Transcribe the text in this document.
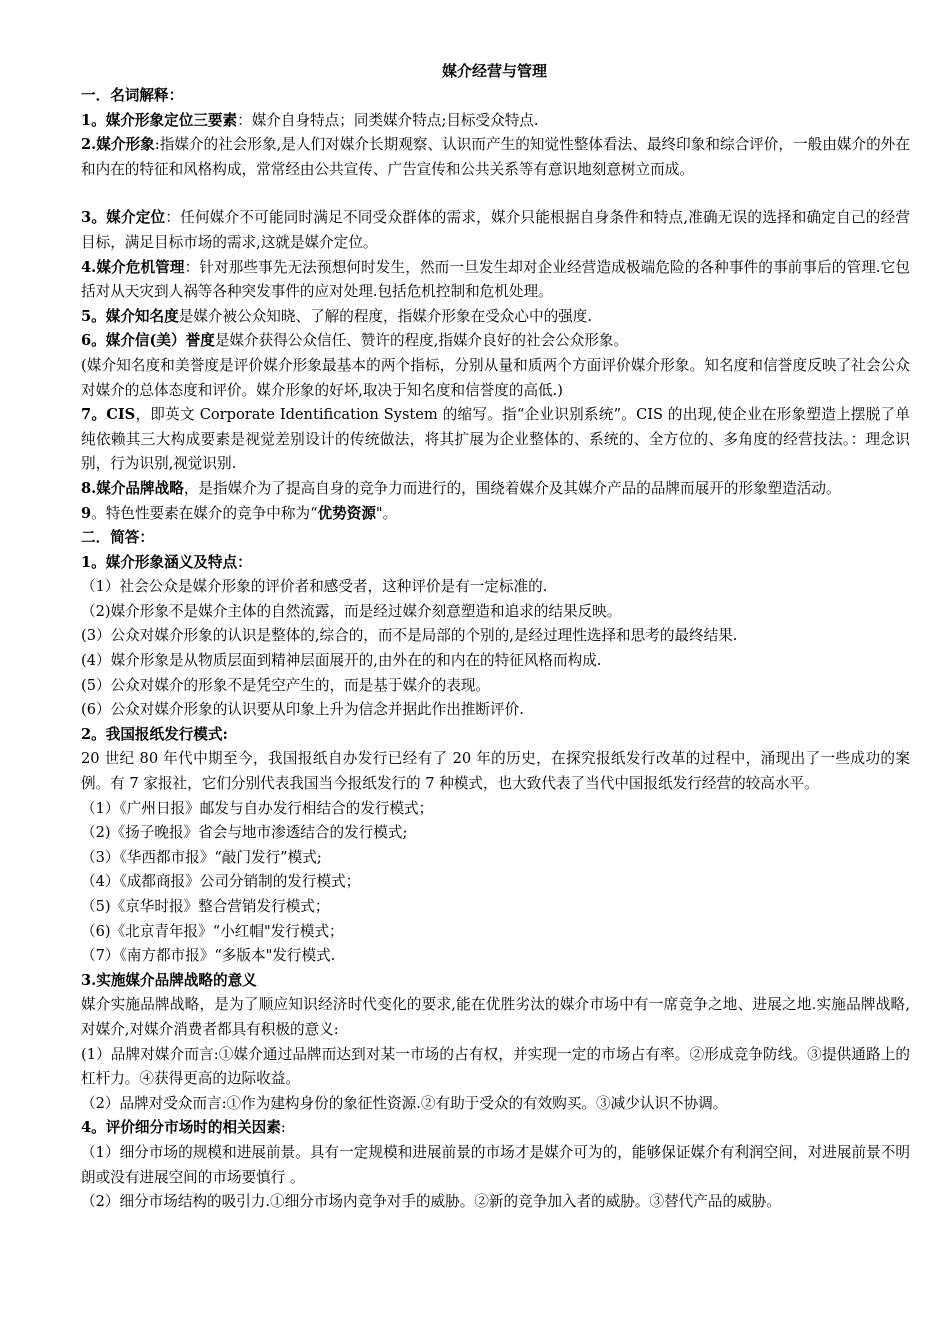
媒介经营与管理

一．名词解释：

1。媒介形象定位三要素：媒介自身特点；同类媒介特点;目标受众特点.

2.媒介形象:指媒介的社会形象,是人们对媒介长期观察、认识而产生的知觉性整体看法、最终印象和综合评价，一般由媒介的外在和内在的特征和风格构成，常常经由公共宣传、广告宣传和公共关系等有意识地刻意树立而成。

3。媒介定位：任何媒介不可能同时满足不同受众群体的需求，媒介只能根据自身条件和特点,准确无误的选择和确定自己的经营目标，满足目标市场的需求,这就是媒介定位。

4.媒介危机管理：针对那些事先无法预想何时发生，然而一旦发生却对企业经营造成极端危险的各种事件的事前事后的管理.它包括对从天灾到人祸等各种突发事件的应对处理.包括危机控制和危机处理。

5。媒介知名度是媒介被公众知晓、了解的程度，指媒介形象在受众心中的强度.

6。媒介信(美）誉度是媒介获得公众信任、赞许的程度,指媒介良好的社会公众形象。

(媒介知名度和美誉度是评价媒介形象最基本的两个指标，分别从量和质两个方面评价媒介形象。知名度和信誉度反映了社会公众对媒介的总体态度和评价。媒介形象的好坏,取决于知名度和信誉度的高低.)

7。CIS，即英文 Corporate Identification System 的缩写。指“企业识别系统”。CIS 的出现,使企业在形象塑造上摆脱了单纯依赖其三大构成要素是视觉差别设计的传统做法，将其扩展为企业整体的、系统的、全方位的、多角度的经营技法。：理念识别，行为识别,视觉识别.

8.媒介品牌战略，是指媒介为了提高自身的竞争力而进行的，围绕着媒介及其媒介产品的品牌而展开的形象塑造活动。

9。特色性要素在媒介的竞争中称为“优势资源"。

二．简答：

1。媒介形象涵义及特点：

（1）社会公众是媒介形象的评价者和感受者，这种评价是有一定标准的.

（2)媒介形象不是媒介主体的自然流露，而是经过媒介刻意塑造和追求的结果反映。

(3）公众对媒介形象的认识是整体的,综合的，而不是局部的个别的,是经过理性选择和思考的最终结果.

(4）媒介形象是从物质层面到精神层面展开的,由外在的和内在的特征风格而构成.

(5）公众对媒介的形象不是凭空产生的，而是基于媒介的表现。

(6）公众对媒介形象的认识要从印象上升为信念并据此作出推断评价.

2。我国报纸发行模式:

20 世纪 80 年代中期至今，我国报纸自办发行已经有了 20 年的历史，在探究报纸发行改革的过程中，涌现出了一些成功的案例。有 7 家报社，它们分别代表我国当今报纸发行的 7 种模式，也大致代表了当代中国报纸发行经营的较高水平。

（1）《广州日报》邮发与自办发行相结合的发行模式；

（2)《扬子晚报》省会与地市渗透结合的发行模式;

（3）《华西都市报》“敲门发行”模式;

（4）《成都商报》公司分销制的发行模式；

（5)《京华时报》整合营销发行模式；

（6)《北京青年报》“小红帽"发行模式；

（7）《南方都市报》“多版本"发行模式.

3.实施媒介品牌战略的意义

媒介实施品牌战略，是为了顺应知识经济时代变化的要求,能在优胜劣汰的媒介市场中有一席竞争之地、进展之地.实施品牌战略,对媒介,对媒介消费者都具有积极的意义:

(1）品牌对媒介而言:①媒介通过品牌而达到对某一市场的占有权，并实现一定的市场占有率。②形成竞争防线。③提供通路上的杠杆力。④获得更高的边际收益。

（2）品牌对受众而言:①作为建构身份的象征性资源.②有助于受众的有效购买。③减少认识不协调。

4。评价细分市场时的相关因素:

（1）细分市场的规模和进展前景。具有一定规模和进展前景的市场才是媒介可为的，能够保证媒介有利润空间，对进展前景不明朗或没有进展空间的市场要慎行 。

（2）细分市场结构的吸引力.①细分市场内竞争对手的威胁。②新的竞争加入者的威胁。③替代产品的威胁。
